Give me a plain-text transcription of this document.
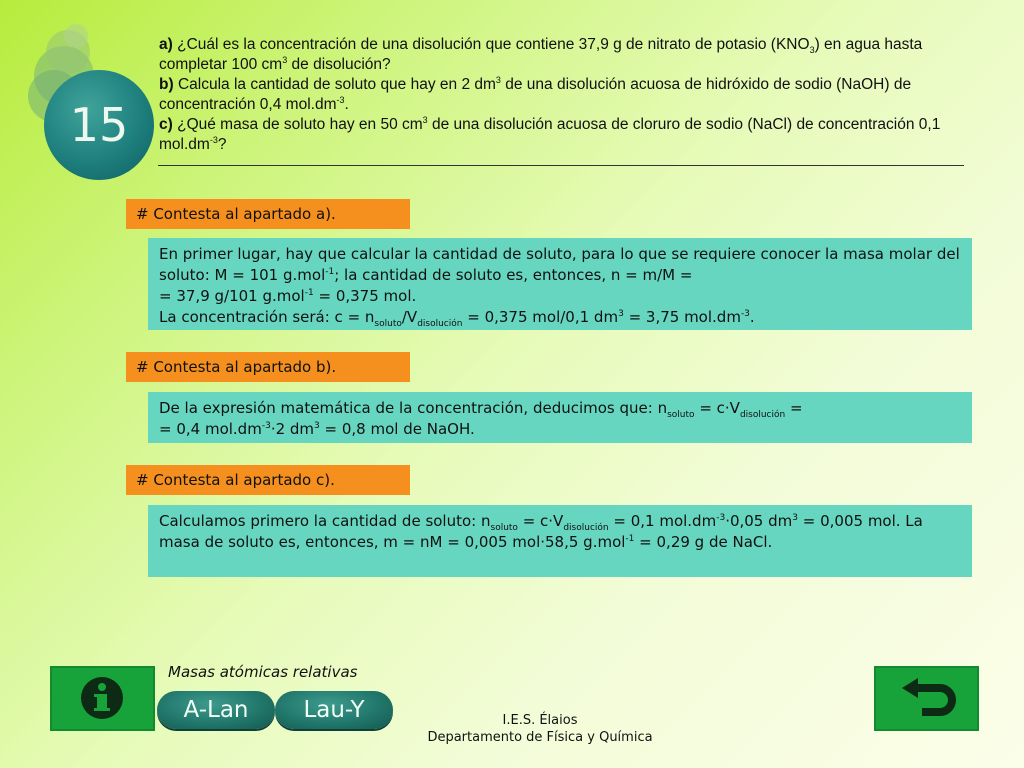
15

a) ¿Cuál es la concentración de una disolución que contiene 37,9 g de nitrato de potasio $(KNO_3)$ en agua hasta completar 100 $cm^3$ de disolución?

b) Calcula la cantidad de soluto que hay en 2 $dm^3$ de una disolución acuosa de hidróxido de sodio (NaOH) de concentración 0,4 $mol.dm^{-3}$.

c) ¿Qué masa de soluto hay en 50 $cm^3$ de una disolución acuosa de cloruro de sodio (NaCl) de concentración 0,1 $mol.dm^{-3}$?

# Contesta al apartado a).

En primer lugar, hay que calcular la cantidad de soluto, para lo que se requiere conocer la masa molar del soluto: M = 101 g.mol$^{-1}$; la cantidad de soluto es, entonces, n = m/M =

= 37,9 g/101 g.mol$^{-1}$ = 0,375 mol.

La concentración será: $c = n_{soluto}/V_{disolución} = 0,375$ mol/0,1 $dm^3 = 3,75$ $mol.dm^{-3}$.

# Contesta al apartado b).

De la expresión matemática de la concentración, deducimos que: $n_{soluto} = c\cdot V_{disolución}$ =

= 0,4 $mol.dm^{-3}\cdot 2$ $dm^3 = 0,8$ mol de NaOH.

# Contesta al apartado c).

Calculamos primero la cantidad de soluto: $n_{soluto} = c\cdot V_{disolución} = 0,1$ $mol.dm^{-3}\cdot 0,05$ $dm^3 = 0,005$ mol. La masa de soluto es, entonces, m = nM = 0,005 mol·58,5 g.mol$^{-1}$ = 0,29 g de NaCl.

Masas atómicas relativas
A-Lan	Lau-Y	I.E.S. Élaios
Departamento de Física y Química
